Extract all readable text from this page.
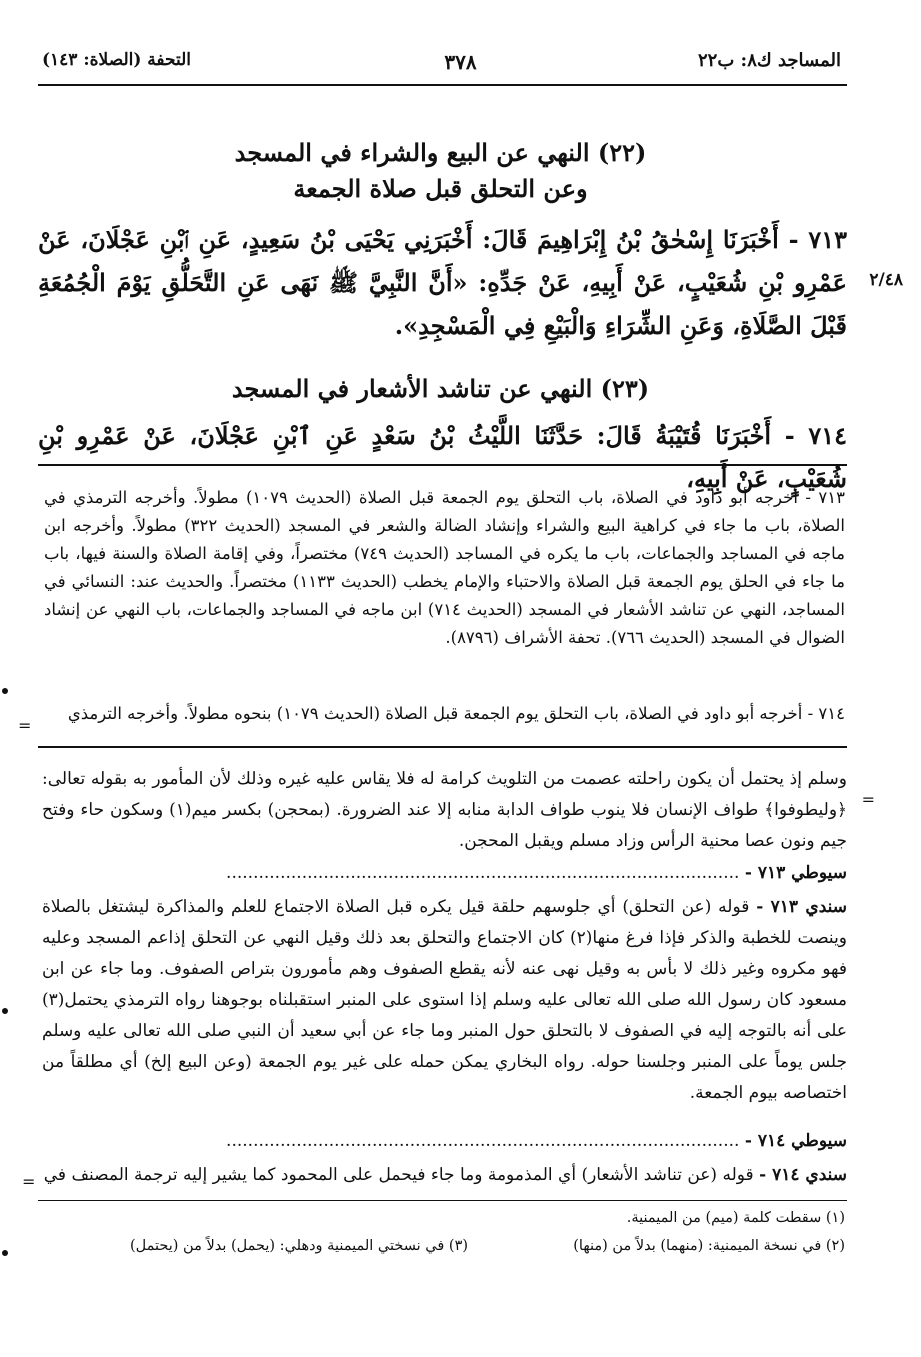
المساجد ك٨: ب٢٢
٣٧٨
التحفة (الصلاة: ١٤٣)
(٢٢) النهي عن البيع والشراء في المسجد
وعن التحلق قبل صلاة الجمعة
٢/٤٨
٧١٣ - أَخْبَرَنَا إِسْحٰقُ بْنُ إِبْرَاهِيمَ قَالَ: أَخْبَرَنِي يَحْيَى بْنُ سَعِيدٍ، عَنِ ٱبْنِ عَجْلَانَ، عَنْ عَمْرِو بْنِ شُعَيْبٍ، عَنْ أَبِيهِ، عَنْ جَدِّهِ: «أَنَّ النَّبِيَّ ﷺ نَهَى عَنِ التَّحَلُّقِ يَوْمَ الْجُمُعَةِ قَبْلَ الصَّلَاةِ، وَعَنِ الشِّرَاءِ وَالْبَيْعِ فِي الْمَسْجِدِ».
(٢٣) النهي عن تناشد الأشعار في المسجد
٧١٤ - أَخْبَرَنَا قُتَيْبَةُ قَالَ: حَدَّثَنَا اللَّيْثُ بْنُ سَعْدٍ عَنِ ٱبْنِ عَجْلَانَ، عَنْ عَمْرِو بْنِ شُعَيْبٍ، عَنْ أَبِيهِ،
٧١٣ - أخرجه أبو داود في الصلاة، باب التحلق يوم الجمعة قبل الصلاة (الحديث ١٠٧٩) مطولاً. وأخرجه الترمذي في الصلاة، باب ما جاء في كراهية البيع والشراء وإنشاد الضالة والشعر في المسجد (الحديث ٣٢٢) مطولاً. وأخرجه ابن ماجه في المساجد والجماعات، باب ما يكره في المساجد (الحديث ٧٤٩) مختصراً، وفي إقامة الصلاة والسنة فيها، باب ما جاء في الحلق يوم الجمعة قبل الصلاة والاحتباء والإمام يخطب (الحديث ١١٣٣) مختصراً. والحديث عند: النسائي في المساجد، النهي عن تناشد الأشعار في المسجد (الحديث ٧١٤) ابن ماجه في المساجد والجماعات، باب النهي عن إنشاد الضوال في المسجد (الحديث ٧٦٦). تحفة الأشراف (٨٧٩٦).
٧١٤ - أخرجه أبو داود في الصلاة، باب التحلق يوم الجمعة قبل الصلاة (الحديث ١٠٧٩) بنحوه مطولاً. وأخرجه الترمذي
=
=
وسلم إذ يحتمل أن يكون راحلته عصمت من التلويث كرامة له فلا يقاس عليه غيره وذلك لأن المأمور به بقوله تعالى: ﴿وليطوفوا﴾ طواف الإنسان فلا ينوب طواف الدابة منابه إلا عند الضرورة. (بمحجن) بكسر ميم(١) وسكون حاء وفتح جيم ونون عصا محنية الرأس وزاد مسلم ويقبل المحجن.
سيوطي ٧١٣ - ...............................................................................................
سندي ٧١٣ - قوله (عن التحلق) أي جلوسهم حلقة قيل يكره قبل الصلاة الاجتماع للعلم والمذاكرة ليشتغل بالصلاة وينصت للخطبة والذكر فإذا فرغ منها(٢) كان الاجتماع والتحلق بعد ذلك وقيل النهي عن التحلق إذاعم المسجد وعليه فهو مكروه وغير ذلك لا بأس به وقيل نهى عنه لأنه يقطع الصفوف وهم مأمورون بتراص الصفوف. وما جاء عن ابن مسعود كان رسول الله صلى الله تعالى عليه وسلم إذا استوى على المنبر استقبلناه بوجوهنا رواه الترمذي يحتمل(٣) على أنه بالتوجه إليه في الصفوف لا بالتحلق حول المنبر وما جاء عن أبي سعيد أن النبي صلى الله تعالى عليه وسلم جلس يوماً على المنبر وجلسنا حوله. رواه البخاري يمكن حمله على غير يوم الجمعة (وعن البيع إلخ) أي مطلقاً من اختصاصه بيوم الجمعة.
سيوطي ٧١٤ - ...............................................................................................
سندي ٧١٤ - قوله (عن تناشد الأشعار) أي المذمومة وما جاء فيحمل على المحمود كما يشير إليه ترجمة المصنف في
=
(١) سقطت كلمة (ميم) من الميمنية.
(٢) في نسخة الميمنية: (منهما) بدلاً من (منها)
(٣) في نسختي الميمنية ودهلي: (يحمل) بدلاً من (يحتمل)
